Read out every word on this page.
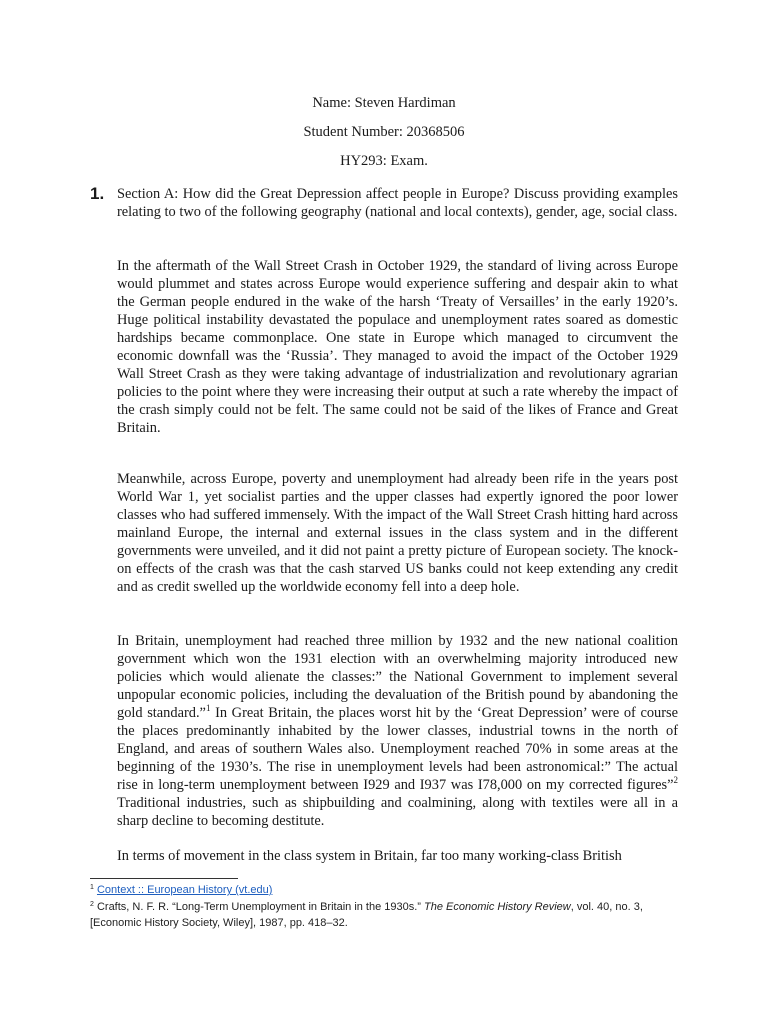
Name: Steven Hardiman
Student Number: 20368506
HY293: Exam.
1. Section A: How did the Great Depression affect people in Europe? Discuss providing examples relating to two of the following geography (national and local contexts), gender, age, social class.

In the aftermath of the Wall Street Crash in October 1929, the standard of living across Europe would plummet and states across Europe would experience suffering and despair akin to what the German people endured in the wake of the harsh ‘Treaty of Versailles’ in the early 1920’s. Huge political instability devastated the populace and unemployment rates soared as domestic hardships became commonplace. One state in Europe which managed to circumvent the economic downfall was the ‘Russia’. They managed to avoid the impact of the October 1929 Wall Street Crash as they were taking advantage of industrialization and revolutionary agrarian policies to the point where they were increasing their output at such a rate whereby the impact of the crash simply could not be felt. The same could not be said of the likes of France and Great Britain.

Meanwhile, across Europe, poverty and unemployment had already been rife in the years post World War 1, yet socialist parties and the upper classes had expertly ignored the poor lower classes who had suffered immensely. With the impact of the Wall Street Crash hitting hard across mainland Europe, the internal and external issues in the class system and in the different governments were unveiled, and it did not paint a pretty picture of European society. The knock-on effects of the crash was that the cash starved US banks could not keep extending any credit and as credit swelled up the worldwide economy fell into a deep hole.

In Britain, unemployment had reached three million by 1932 and the new national coalition government which won the 1931 election with an overwhelming majority introduced new policies which would alienate the classes:” the National Government to implement several unpopular economic policies, including the devaluation of the British pound by abandoning the gold standard.”$^1$ In Great Britain, the places worst hit by the ‘Great Depression’ were of course the places predominantly inhabited by the lower classes, industrial towns in the north of England, and areas of southern Wales also. Unemployment reached 70% in some areas at the beginning of the 1930’s. The rise in unemployment levels had been astronomical:” The actual rise in long-term unemployment between I929 and I937 was I78,000 on my corrected figures”$^2$ Traditional industries, such as shipbuilding and coalmining, along with textiles were all in a sharp decline to becoming destitute.

In terms of movement in the class system in Britain, far too many working-class British

$^1$ Context :: European History (vt.edu)

$^2$ Crafts, N. F. R. “Long-Term Unemployment in Britain in the 1930s.” The Economic History Review, vol. 40, no. 3, [Economic History Society, Wiley], 1987, pp. 418–32.
